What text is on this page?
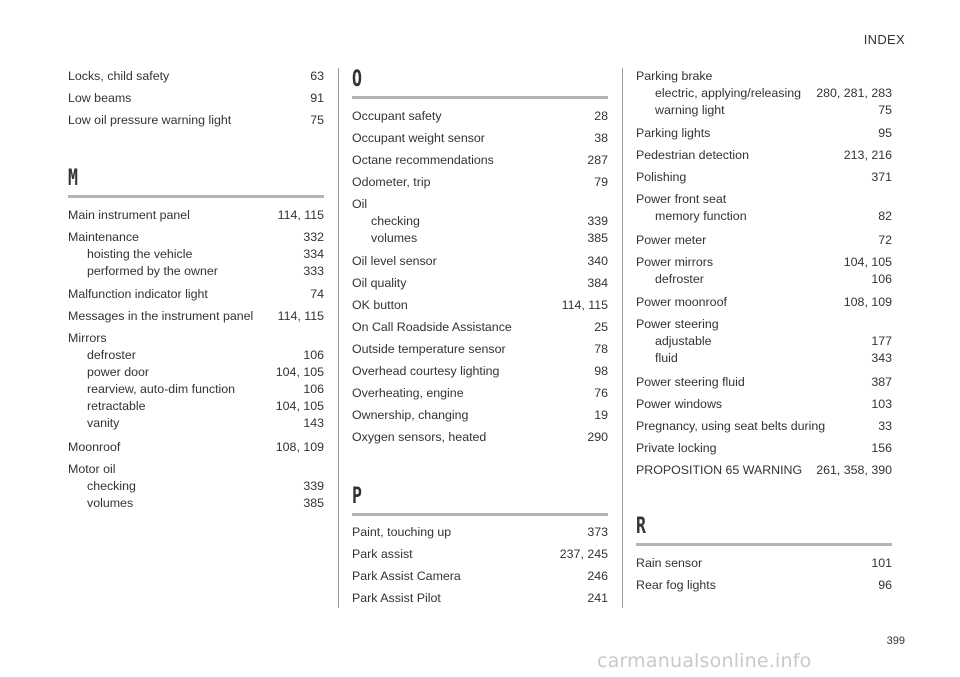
INDEX
Locks, child safety	63
Low beams	91
Low oil pressure warning light	75
M
Main instrument panel	114, 115
Maintenance	332
hoisting the vehicle	334
performed by the owner	333
Malfunction indicator light	74
Messages in the instrument panel 114, 115
Mirrors
defroster	106
power door	104, 105
rearview, auto-dim function	106
retractable	104, 105
vanity	143
Moonroof	108, 109
Motor oil
checking	339
volumes	385
O
Occupant safety	28
Occupant weight sensor	38
Octane recommendations	287
Odometer, trip	79
Oil
checking	339
volumes	385
Oil level sensor	340
Oil quality	384
OK button	114, 115
On Call Roadside Assistance	25
Outside temperature sensor	78
Overhead courtesy lighting	98
Overheating, engine	76
Ownership, changing	19
Oxygen sensors, heated	290
P
Paint, touching up	373
Park assist	237, 245
Park Assist Camera	246
Park Assist Pilot	241
Parking brake
electric, applying/releasing 280, 281, 283
warning light	75
Parking lights	95
Pedestrian detection	213, 216
Polishing	371
Power front seat
memory function	82
Power meter	72
Power mirrors	104, 105
defroster	106
Power moonroof	108, 109
Power steering
adjustable	177
fluid	343
Power steering fluid	387
Power windows	103
Pregnancy, using seat belts during	33
Private locking	156
PROPOSITION 65 WARNING 261, 358, 390
R
Rain sensor	101
Rear fog lights	96
399
carmanualsonline.info
